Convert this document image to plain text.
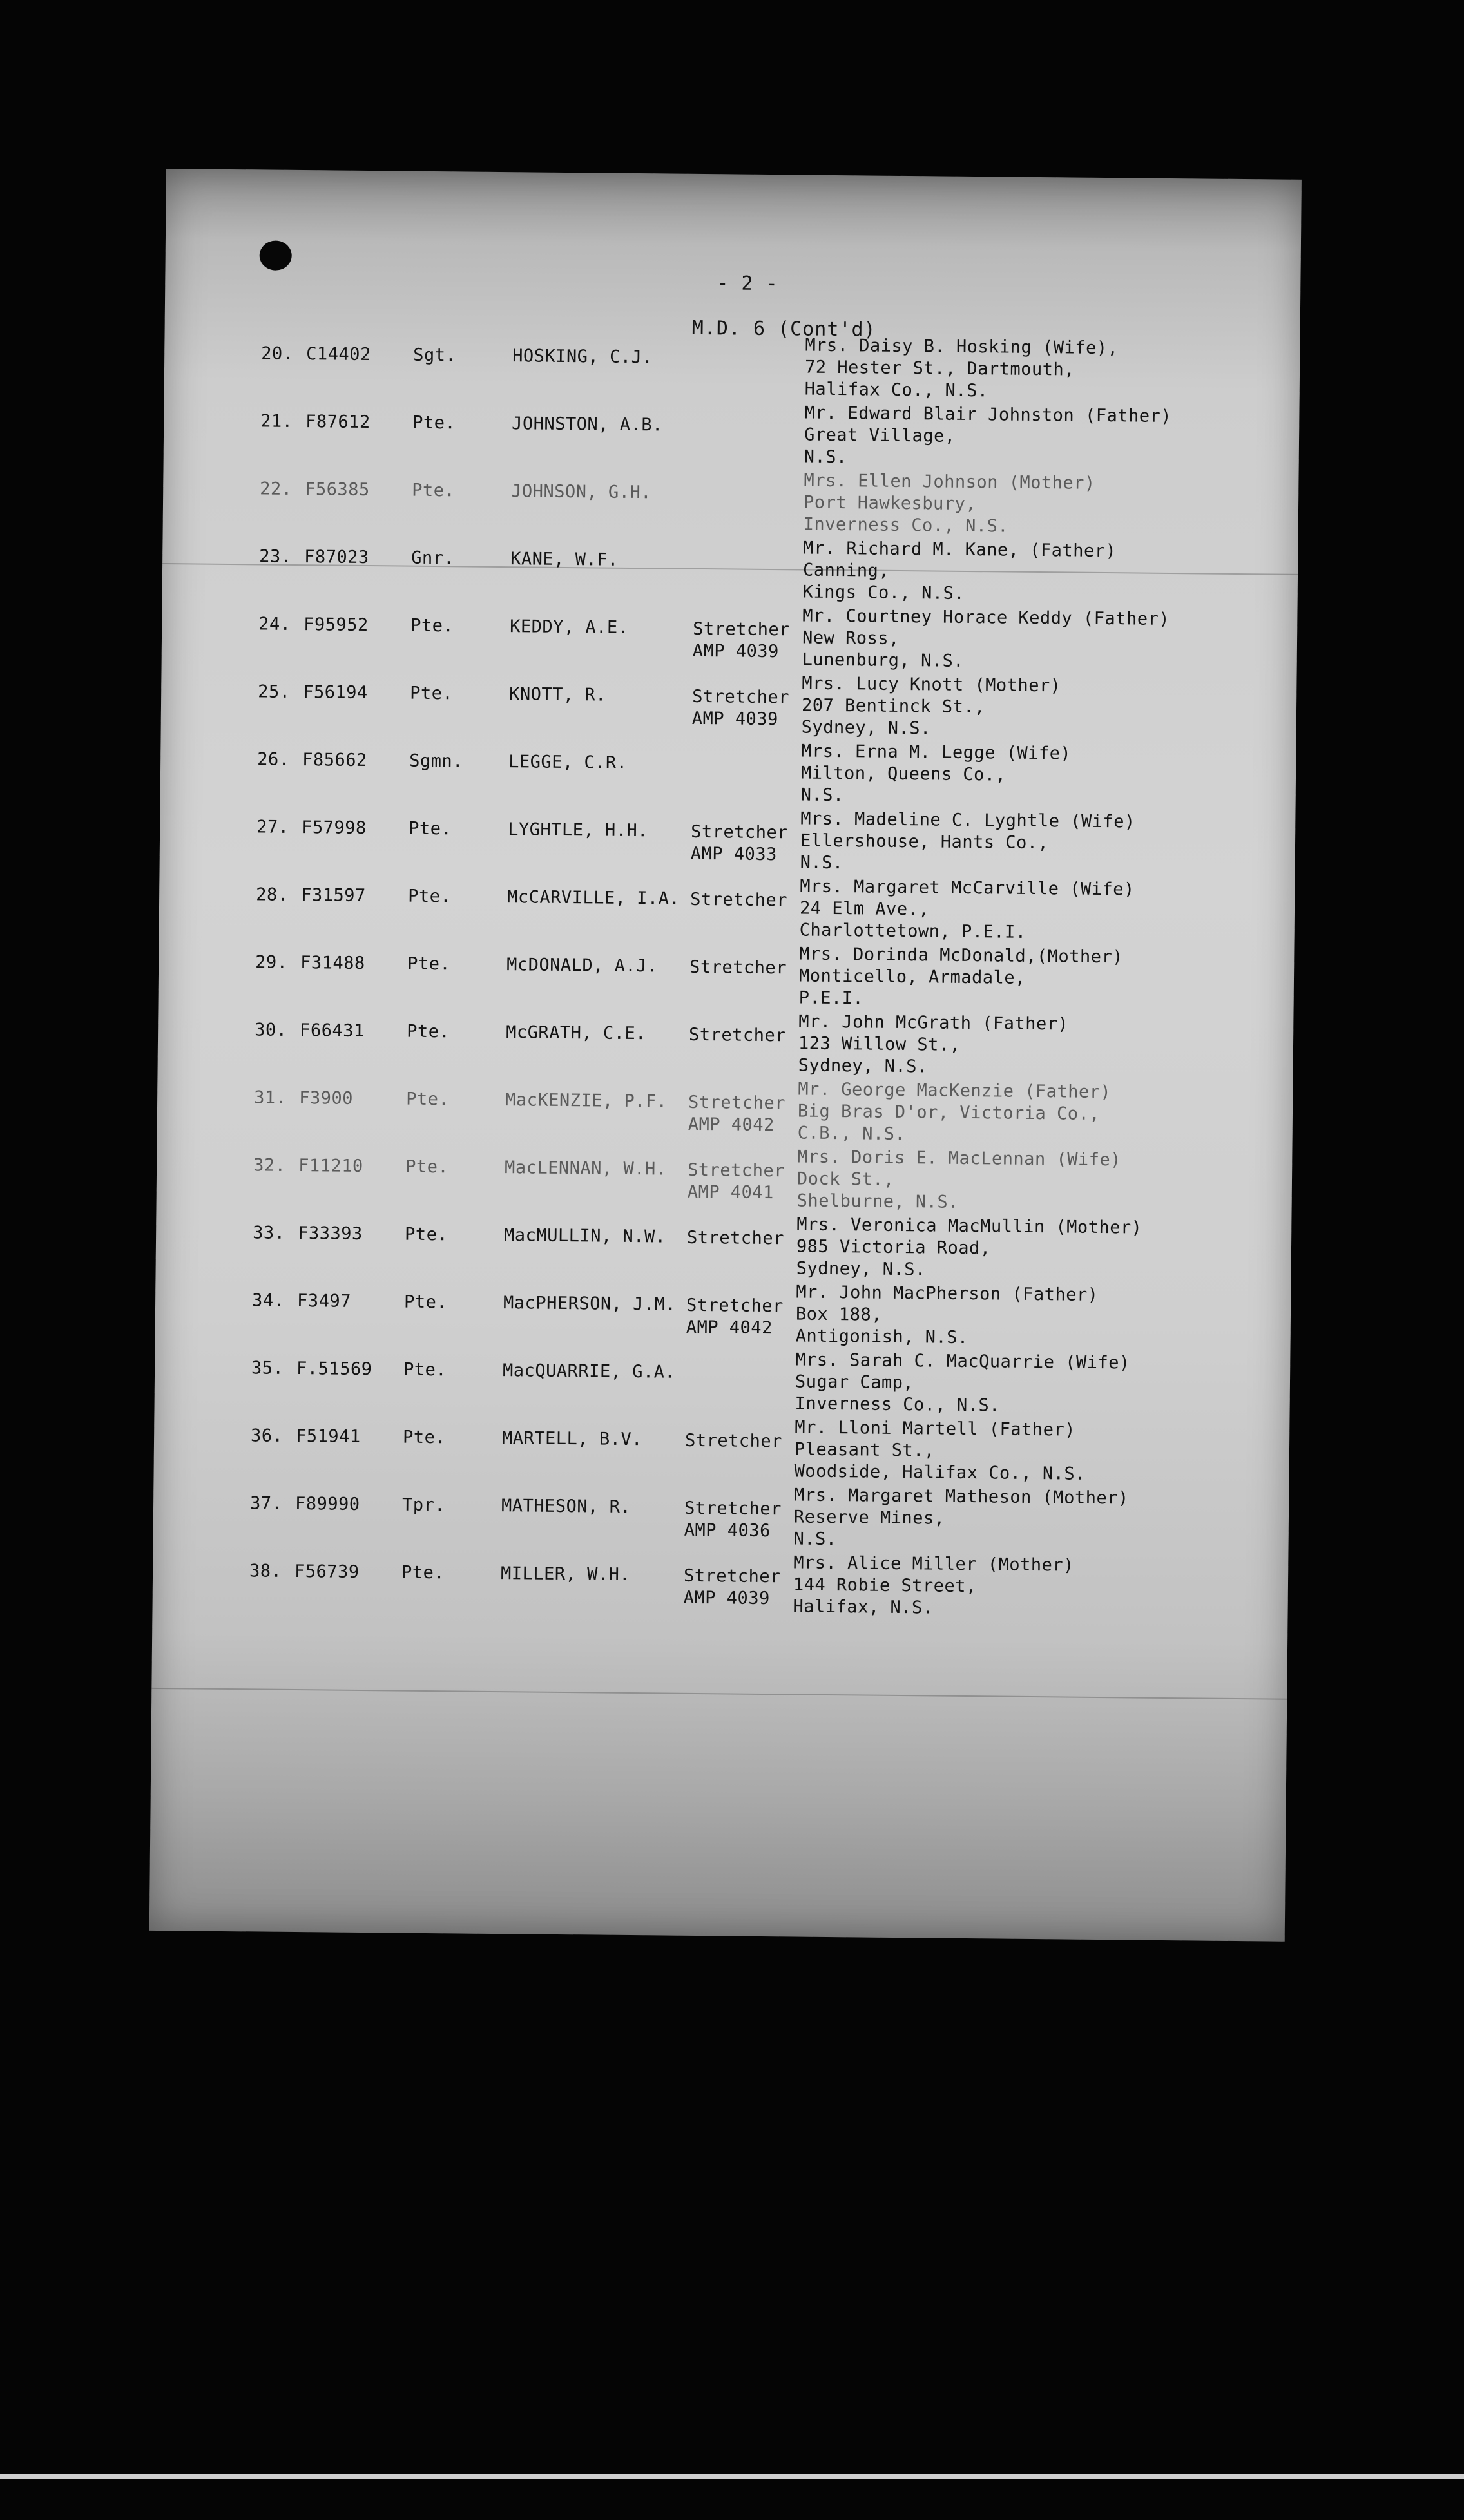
- 2 -
M.D. 6 (Cont'd)
20. C14402 Sgt.	HOSKING, C.J.	Mrs. Daisy B. Hosking (Wife),
72 Hester St., Dartmouth,
Halifax Co., N.S.
21. F87612 Pte.	JOHNSTON, A.B.	Mr. Edward Blair Johnston (Father)
Great Village,
N.S.
22. F56385 Pte.	JOHNSON, G.H.	Mrs. Ellen Johnson (Mother)
Port Hawkesbury,
Inverness Co., N.S.
23. F87023 Gnr.	KANE, W.F.	Mr. Richard M. Kane, (Father)
Canning,
Kings Co., N.S.
24. F95952 Pte.	KEDDY, A.E.	Stretcher
AMP 4039
Mr. Courtney Horace Keddy (Father)
New Ross,
Lunenburg, N.S.
25. F56194 Pte.	KNOTT, R.	Stretcher
AMP 4039
Mrs. Lucy Knott (Mother)
207 Bentinck St.,
Sydney, N.S.
26. F85662 Sgmn.	LEGGE, C.R.	Mrs. Erna M. Legge (Wife)
Milton, Queens Co.,
N.S.
27. F57998 Pte.	LYGHTLE, H.H. Stretcher
AMP 4033
Mrs. Madeline C. Lyghtle (Wife)
Ellershouse, Hants Co.,
N.S.
28. F31597 Pte.	McCARVILLE, I.A. Stretcher
Mrs. Margaret McCarville (Wife)
24 Elm Ave.,
Charlottetown, P.E.I.
29. F31488 Pte.	McDONALD, A.J. Stretcher
Mrs. Dorinda McDonald,(Mother)
Monticello, Armadale,
P.E.I.
30. F66431 Pte.	McGRATH, C.E. Stretcher
Mr. John McGrath (Father)
123 Willow St.,
Sydney, N.S.
31. F3900	Pte.	MacKENZIE, P.F. Stretcher
AMP 4042
Mr. George MacKenzie (Father)
Big Bras D'or, Victoria Co.,
C.B., N.S.
32. F11210 Pte.	MacLENNAN, W.H. Stretcher
AMP 4041
Mrs. Doris E. MacLennan (Wife)
Dock St.,
Shelburne, N.S.
33. F33393 Pte.	MacMULLIN, N.W. Stretcher
Mrs. Veronica MacMullin (Mother)
985 Victoria Road,
Sydney, N.S.
34. F3497	Pte.	MacPHERSON, J.M. Stretcher
AMP 4042
Mr. John MacPherson (Father)
Box 188,
Antigonish, N.S.
35. F.51569 Pte.	MacQUARRIE, G.A.	Mrs. Sarah C. MacQuarrie (Wife)
Sugar Camp,
Inverness Co., N.S.
36. F51941 Pte.	MARTELL, B.V. Stretcher
Mr. Lloni Martell (Father)
Pleasant St.,
Woodside, Halifax Co., N.S.
37. F89990 Tpr.	MATHESON, R.	Stretcher
AMP 4036
Mrs. Margaret Matheson (Mother)
Reserve Mines,
N.S.
38. F56739 Pte.	MILLER, W.H.	Stretcher
AMP 4039
Mrs. Alice Miller (Mother)
144 Robie Street,
Halifax, N.S.
